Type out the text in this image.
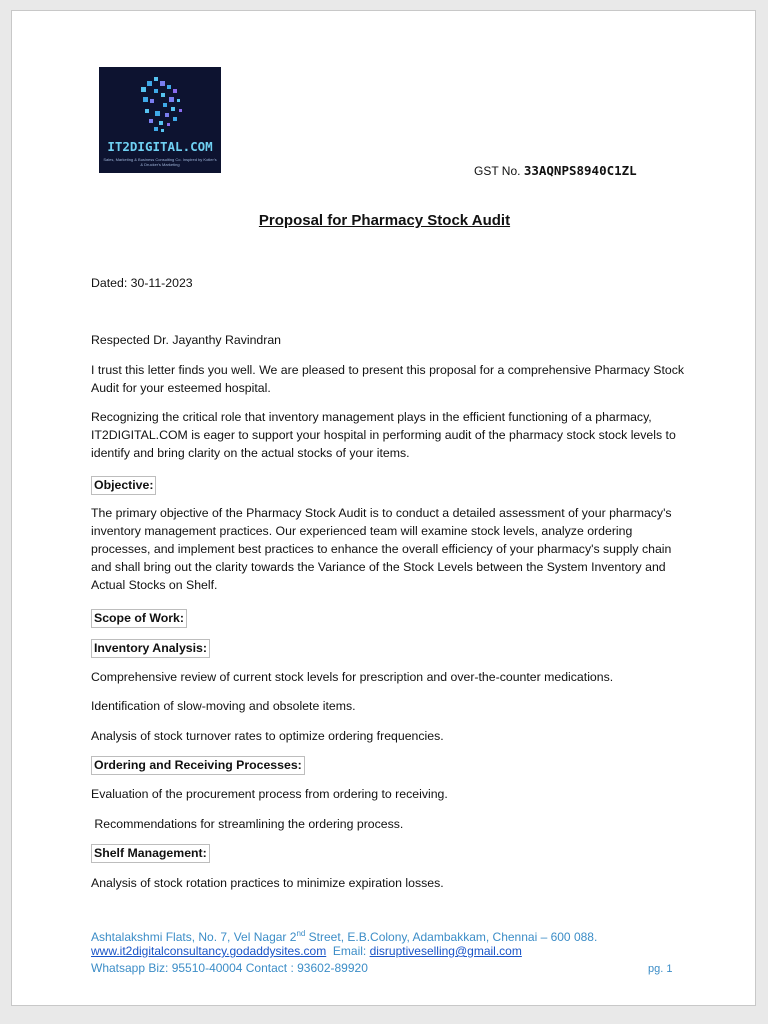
IT2DIGITAL.COM
Sales, Marketing & Business Consulting Co. Inspired by Kotler's & Drucker's Marketing	GST No. 33AQNPS8940C1ZL
Proposal for Pharmacy Stock Audit
Dated: 30-11-2023
Respected Dr. Jayanthy Ravindran
I trust this letter finds you well. We are pleased to present this proposal for a comprehensive Pharmacy Stock Audit for your esteemed hospital.
Recognizing the critical role that inventory management plays in the efficient functioning of a pharmacy, IT2DIGITAL.COM is eager to support your hospital in performing audit of the pharmacy stock stock levels to identify and bring clarity on the actual stocks of your items.
Objective:
The primary objective of the Pharmacy Stock Audit is to conduct a detailed assessment of your pharmacy's inventory management practices. Our experienced team will examine stock levels, analyze ordering processes, and implement best practices to enhance the overall efficiency of your pharmacy's supply chain and shall bring out the clarity towards the Variance of the Stock Levels between the System Inventory and Actual Stocks on Shelf.
Scope of Work:
Inventory Analysis:
Comprehensive review of current stock levels for prescription and over-the-counter medications.
Identification of slow-moving and obsolete items.
Analysis of stock turnover rates to optimize ordering frequencies.
Ordering and Receiving Processes:
Evaluation of the procurement process from ordering to receiving.
Recommendations for streamlining the ordering process.
Shelf Management:
Analysis of stock rotation practices to minimize expiration losses.
Ashtalakshmi Flats, No. 7, Vel Nagar 2nd Street, E.B.Colony, Adambakkam, Chennai – 600 088.
www.it2digitalconsultancy.godaddysites.com Email: disruptiveselling@gmail.com
Whatsapp Biz: 95510-40004 Contact : 93602-89920	pg. 1
